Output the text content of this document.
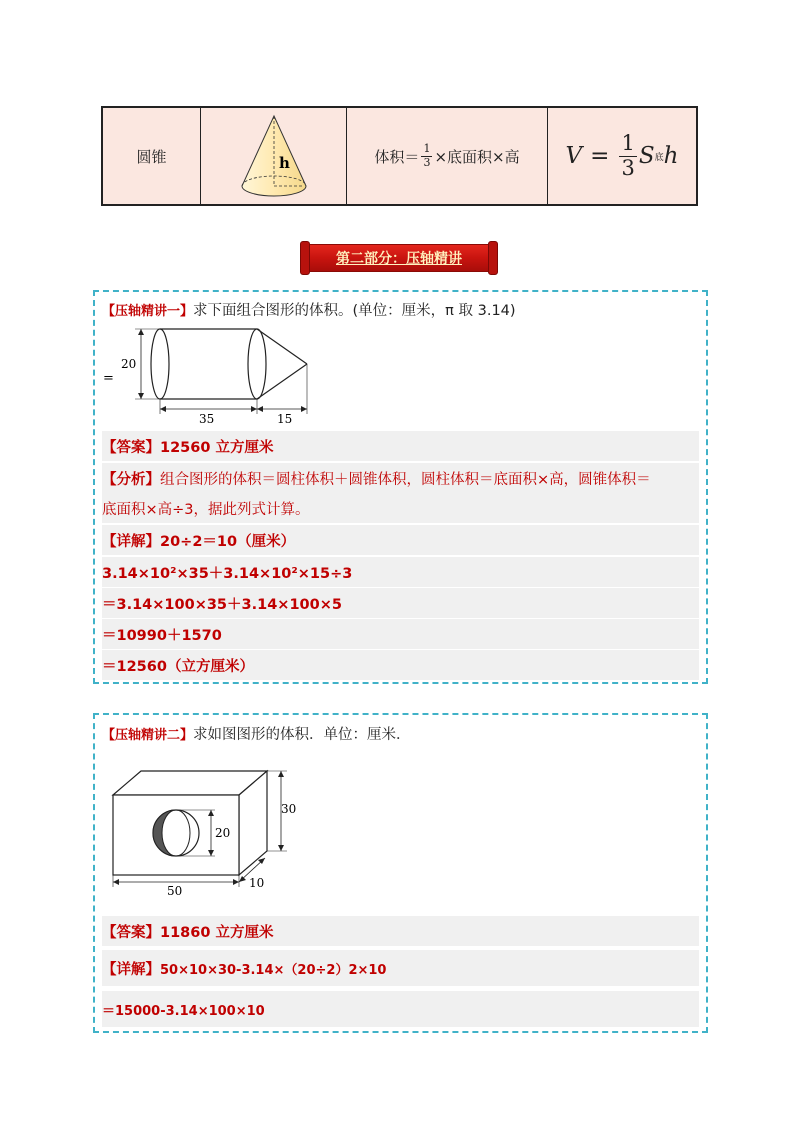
圆锥	h	体积＝ $\frac{1}{3}$ ×底面积×高 $V = \frac{1}{3}$ S 底 h
第二部分：压轴精讲
【压轴精讲一】 求下面组合图形的体积。(单位：厘米，π 取 3.14)
=
20
35	15
【答案】 12560 立方厘米
【分析】 组合图形的体积＝圆柱体积＋圆锥体积，圆柱体积＝底面积×高，圆锥体积＝
底面积×高÷3，据此列式计算。
【详解】 20÷2＝10（厘米）
3.14×10²×35＋3.14×10²×15÷3
＝3.14×100×35＋3.14×100×5
＝10990＋1570
＝12560（立方厘米）
【压轴精讲二】 求如图图形的体积．单位：厘米．
20
30
50
10
【答案】 11860 立方厘米
【详解】 50×10×30-3.14×（20÷2）2×10
＝15000-3.14×100×10
